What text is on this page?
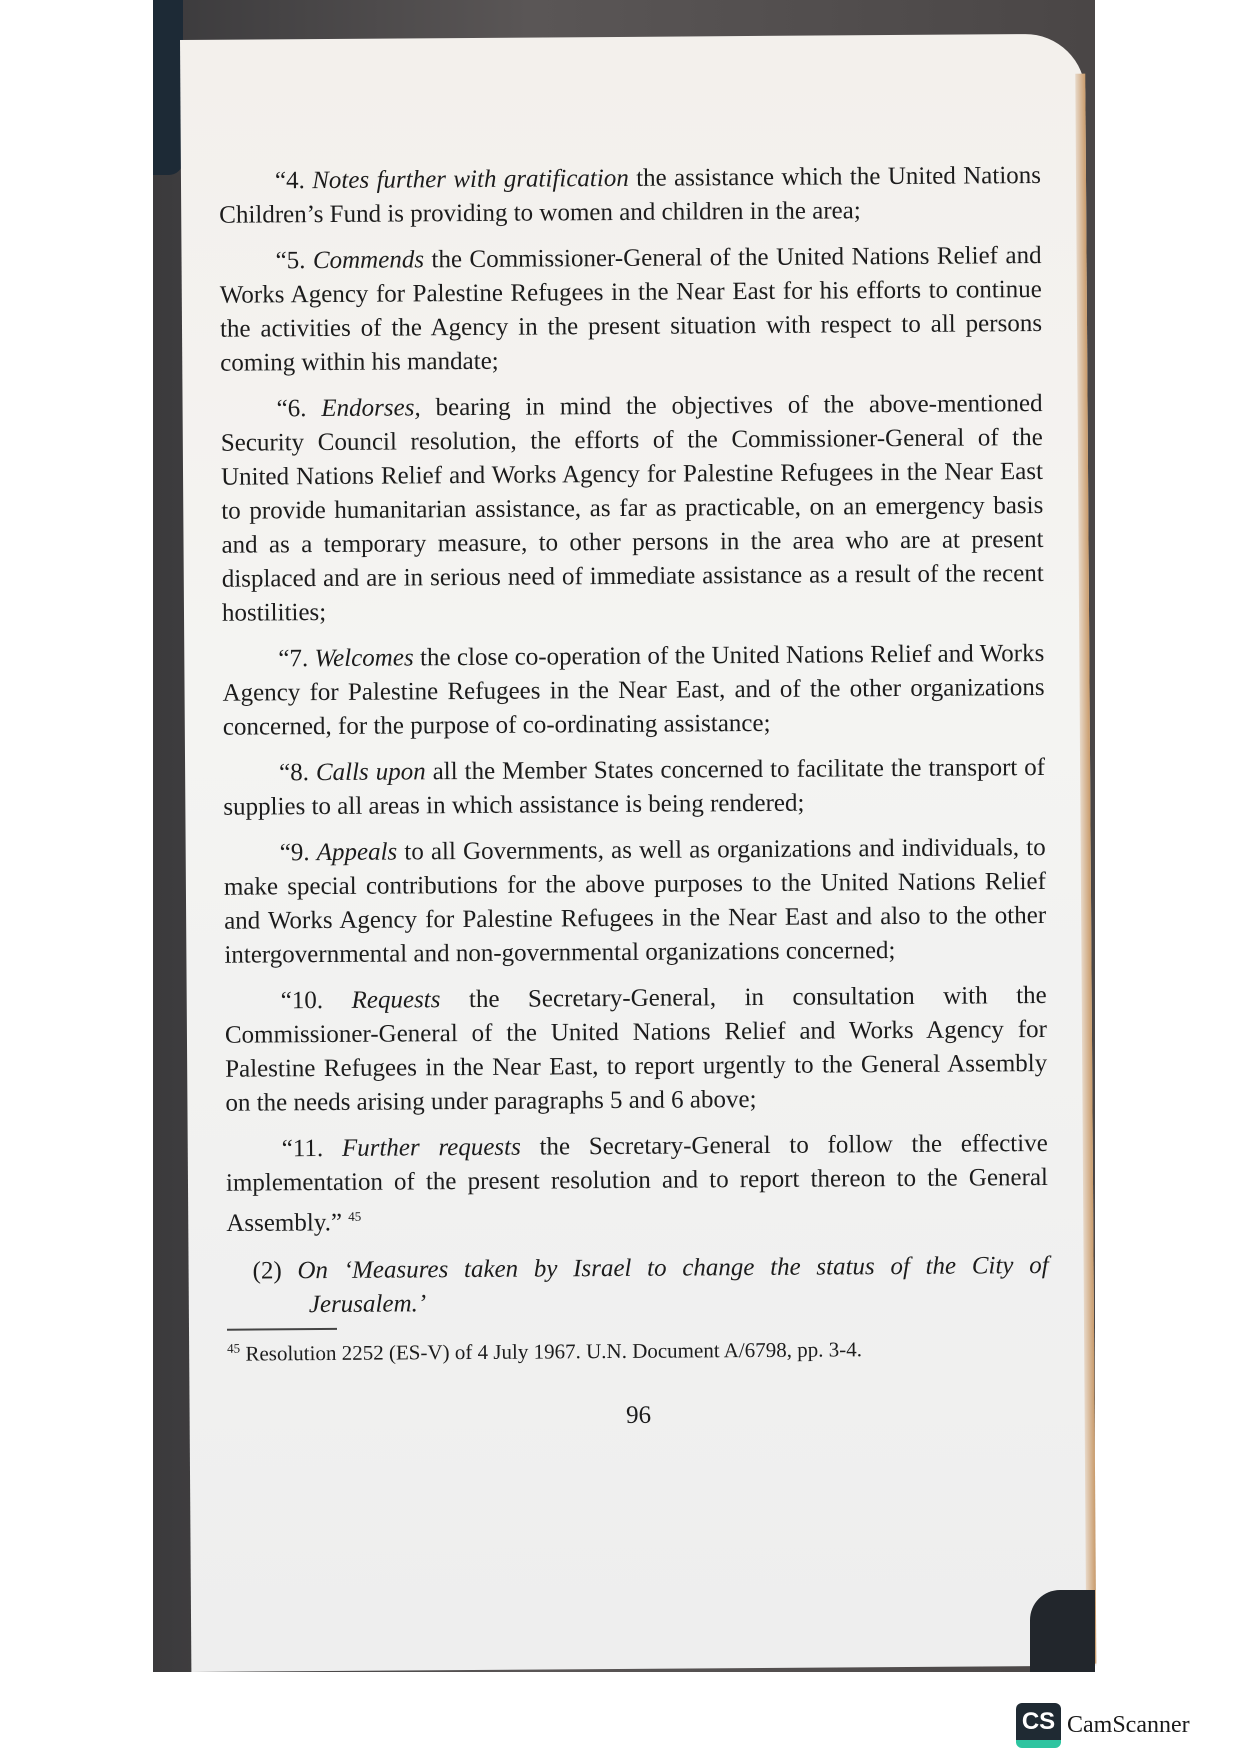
“4. Notes further with gratification the assistance which the United Nations Children’s Fund is providing to women and children in the area;

“5. Commends the Commissioner-General of the United Nations Relief and Works Agency for Palestine Refugees in the Near East for his efforts to continue the activities of the Agency in the present situation with respect to all persons coming within his mandate;

“6. Endorses, bearing in mind the objectives of the above-mentioned Security Council resolution, the efforts of the Commissioner-General of the United Nations Relief and Works Agency for Palestine Refugees in the Near East to provide humanitarian assistance, as far as practicable, on an emergency basis and as a temporary measure, to other persons in the area who are at present displaced and are in serious need of immediate assistance as a result of the recent hostilities;

“7. Welcomes the close co-operation of the United Nations Relief and Works Agency for Palestine Refugees in the Near East, and of the other organizations concerned, for the purpose of co-ordinating assistance;

“8. Calls upon all the Member States concerned to facilitate the transport of supplies to all areas in which assistance is being rendered;

“9. Appeals to all Governments, as well as organizations and individuals, to make special contributions for the above purposes to the United Nations Relief and Works Agency for Palestine Refugees in the Near East and also to the other intergovernmental and non-governmental organizations concerned;

“10. Requests the Secretary-General, in consultation with the Commissioner-General of the United Nations Relief and Works Agency for Palestine Refugees in the Near East, to report urgently to the General Assembly on the needs arising under paragraphs 5 and 6 above;

“11. Further requests the Secretary-General to follow the effective implementation of the present resolution and to report thereon to the General Assembly.” $^{45}$

(2) On ‘Measures taken by Israel to change the status of the City of Jerusalem.’

$^{45}$ Resolution 2252 (ES-V) of 4 July 1967. U.N. Document A/6798, pp. 3-4.
96
CS CamScanner
